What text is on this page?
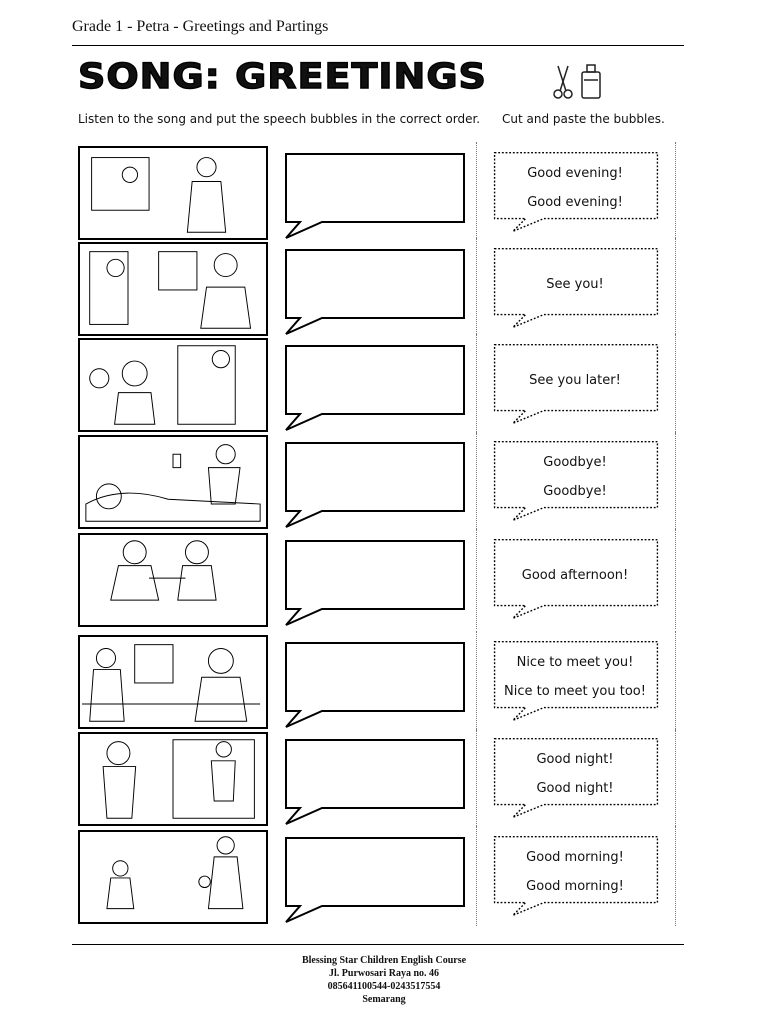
Grade 1 - Petra - Greetings and Partings
SONG: GREETINGS
Listen to the song and put the speech bubbles in the correct order. Cut and paste the bubbles.
Good evening!
Good evening!
See you!
See you later!
Goodbye!
Goodbye!
Good afternoon!
Nice to meet you!
Nice to meet you too!
Good night!
Good night!
Good morning!
Good morning!
Blessing Star Children English Course
Jl. Purwosari Raya no. 46
085641100544-0243517554
Semarang
